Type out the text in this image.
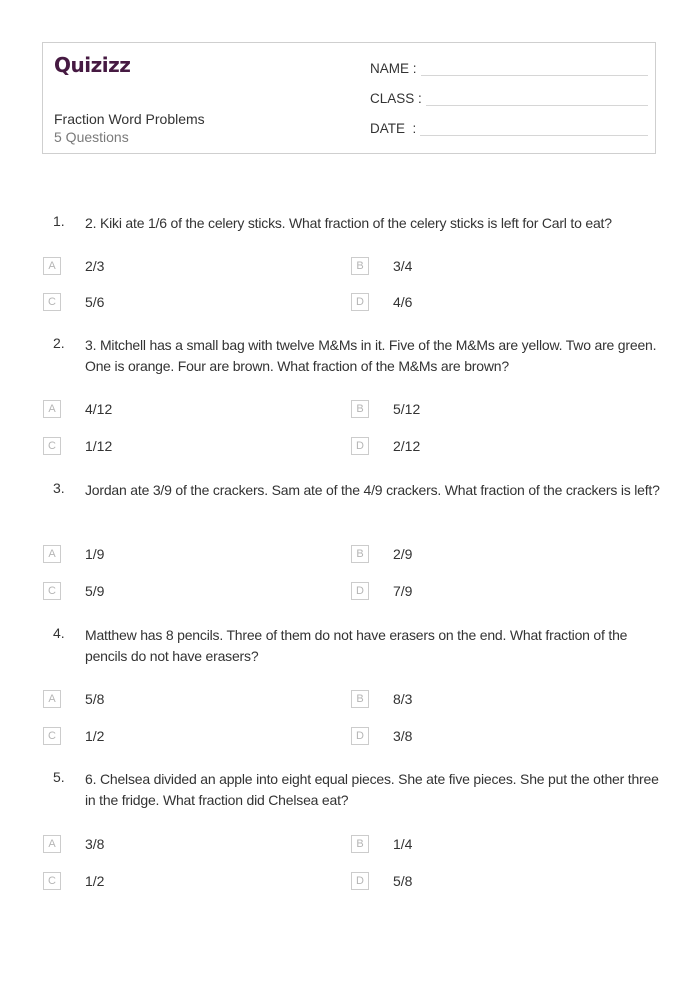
Quizizz
Fraction Word Problems
5 Questions
NAME :
CLASS :
DATE  :
1. 2. Kiki ate 1/6 of the celery sticks. What fraction of the celery sticks is left for Carl to eat?
A	2/3	B	3/4
C	5/6	D	4/6
2. 3. Mitchell has a small bag with twelve M&Ms in it. Five of the M&Ms are yellow. Two are green. One is orange. Four are brown. What fraction of the M&Ms are brown?
A	4/12	B	5/12
C	1/12	D	2/12
3. Jordan ate 3/9 of the crackers. Sam ate of the 4/9 crackers. What fraction of the crackers is left?
A	1/9	B	2/9
C	5/9	D	7/9
4. Matthew has 8 pencils. Three of them do not have erasers on the end. What fraction of the pencils do not have erasers?
A	5/8	B	8/3
C	1/2	D	3/8
5. 6. Chelsea divided an apple into eight equal pieces. She ate five pieces. She put the other three in the fridge. What fraction did Chelsea eat?
A	3/8	B	1/4
C	1/2	D	5/8
